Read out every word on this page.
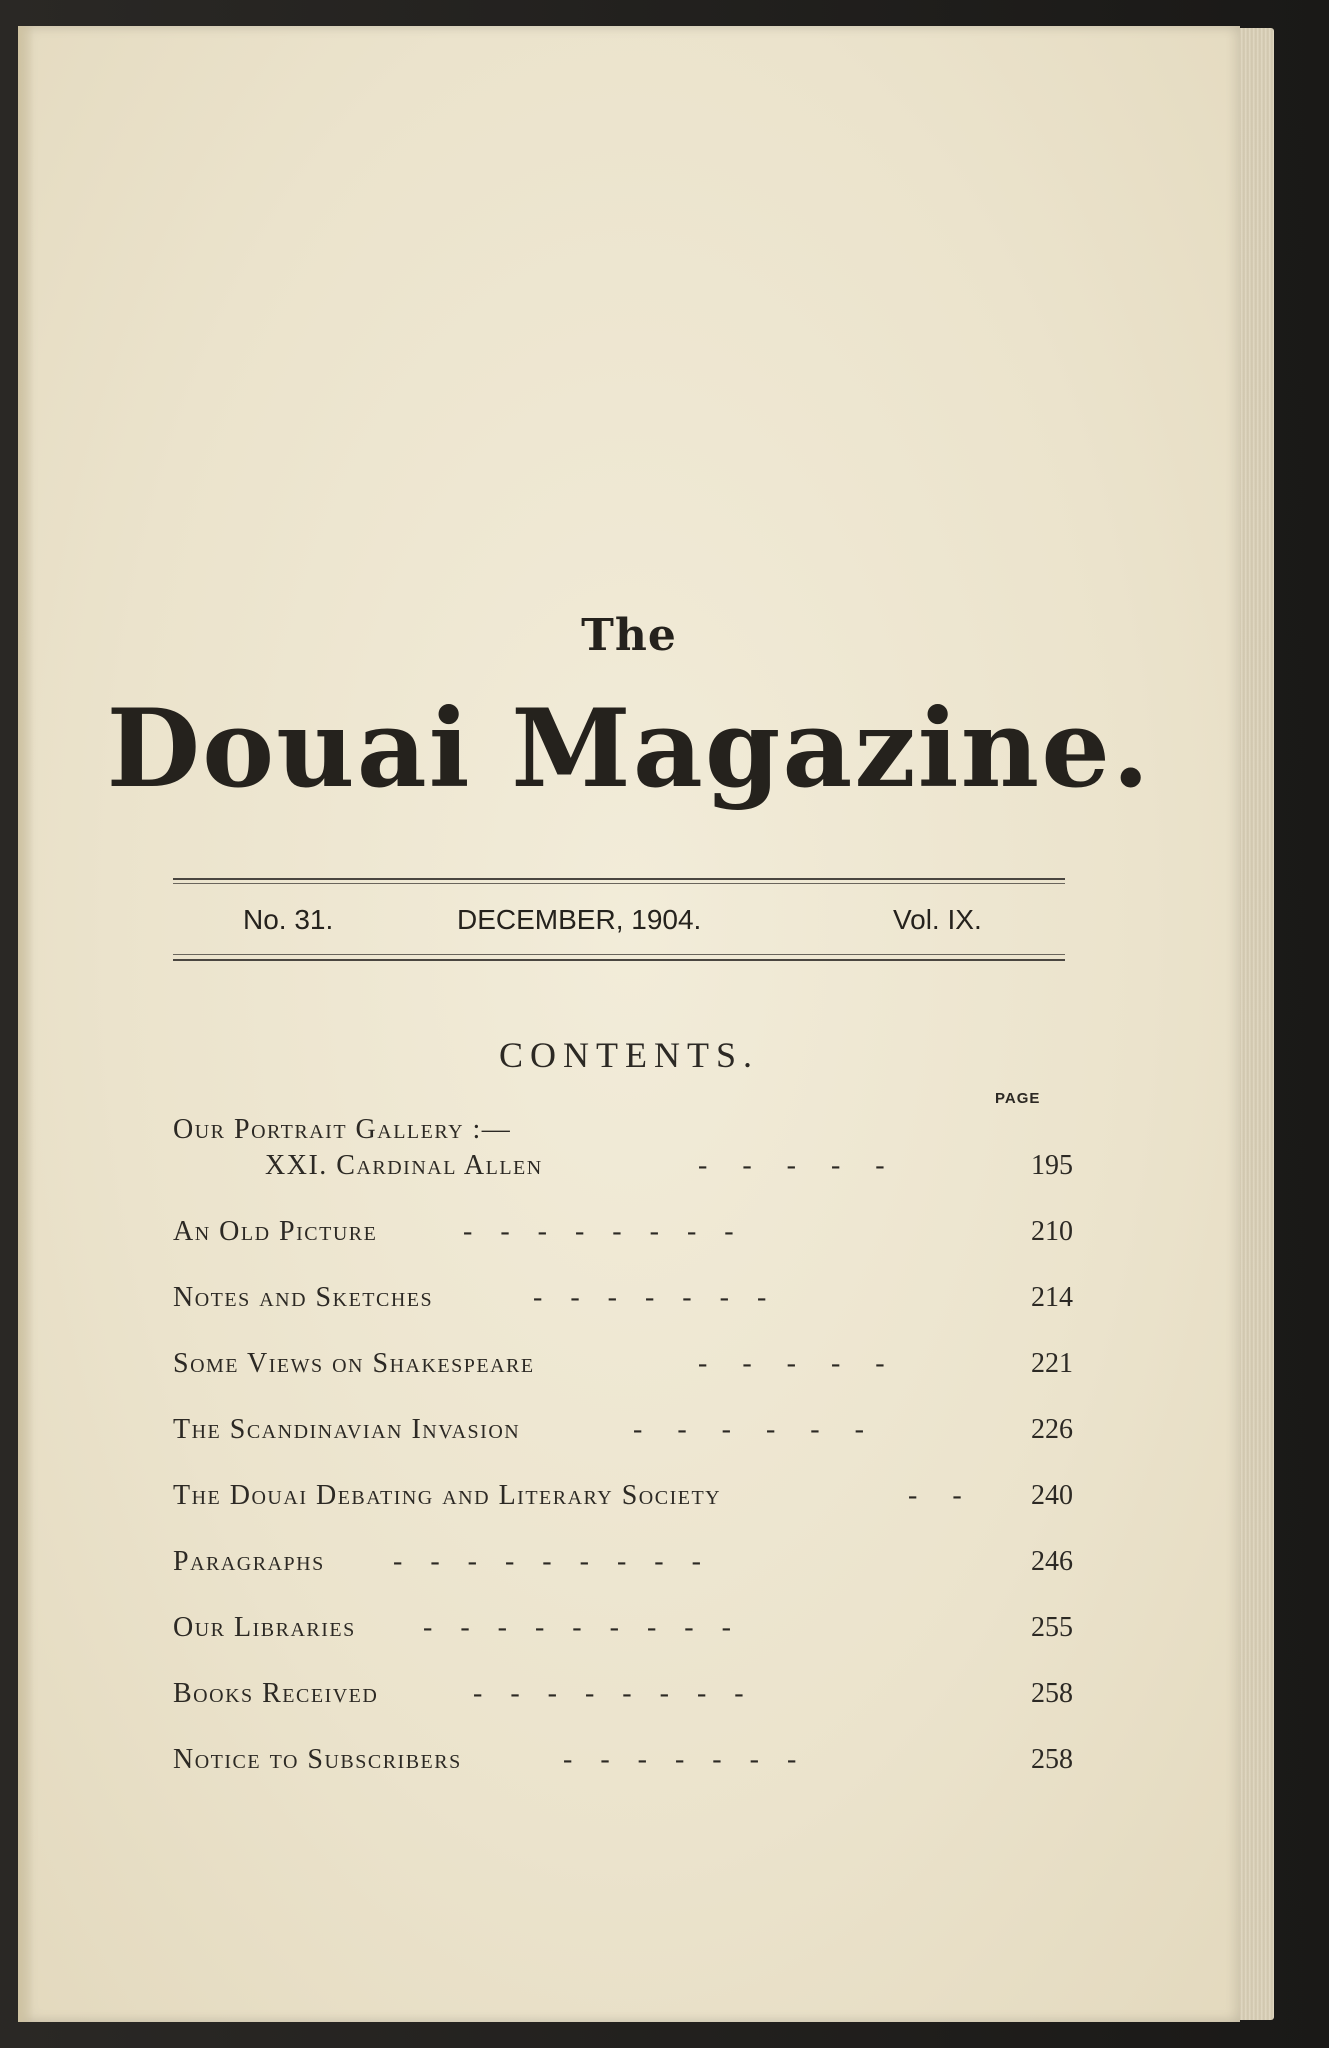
The
Douai Magazine.
No. 31.	DECEMBER, 1904.	Vol. IX.
CONTENTS.
PAGE
Our Portrait Gallery :—
XXI. Cardinal Allen	-     -     -     -     -	195
An Old Picture	-    -    -    -    -    -    -    -	210
Notes and Sketches	-    -    -    -    -    -    -	214
Some Views on Shakespeare	-     -     -     -     -	221
The Scandinavian Invasion	-     -     -     -     -     -	226
The Douai Debating and Literary Society	-     - 240
Paragraphs -    -    -    -    -    -    -    -    -	246
Our Libraries -    -    -    -    -    -    -    -    -	255
Books Received	-    -    -    -    -    -    -    -	258
Notice to Subscribers	-    -    -    -    -    -    -	258
